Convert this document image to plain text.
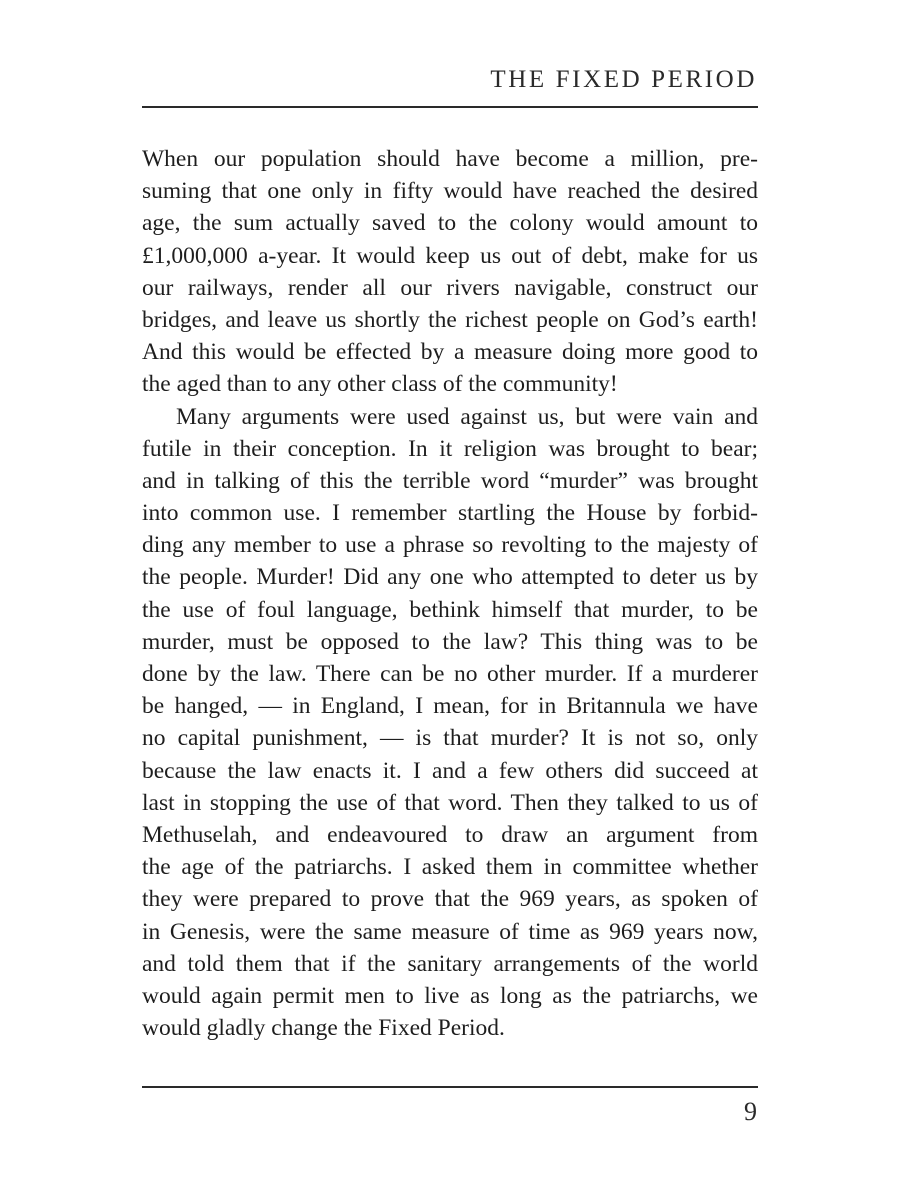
THE FIXED PERIOD
When our population should have become a million, pre-
suming that one only in fifty would have reached the desired
age, the sum actually saved to the colony would amount to
£1,000,000 a-year. It would keep us out of debt, make for us
our railways, render all our rivers navigable, construct our
bridges, and leave us shortly the richest people on God’s earth!
And this would be effected by a measure doing more good to
the aged than to any other class of the community!
Many arguments were used against us, but were vain and
futile in their conception. In it religion was brought to bear;
and in talking of this the terrible word “murder” was brought
into common use. I remember startling the House by forbid-
ding any member to use a phrase so revolting to the majesty of
the people. Murder! Did any one who attempted to deter us by
the use of foul language, bethink himself that murder, to be
murder, must be opposed to the law? This thing was to be
done by the law. There can be no other murder. If a murderer
be hanged, — in England, I mean, for in Britannula we have
no capital punishment, — is that murder? It is not so, only
because the law enacts it. I and a few others did succeed at
last in stopping the use of that word. Then they talked to us of
Methuselah, and endeavoured to draw an argument from
the age of the patriarchs. I asked them in committee whether
they were prepared to prove that the 969 years, as spoken of
in Genesis, were the same measure of time as 969 years now,
and told them that if the sanitary arrangements of the world
would again permit men to live as long as the patriarchs, we
would gladly change the Fixed Period.
9
